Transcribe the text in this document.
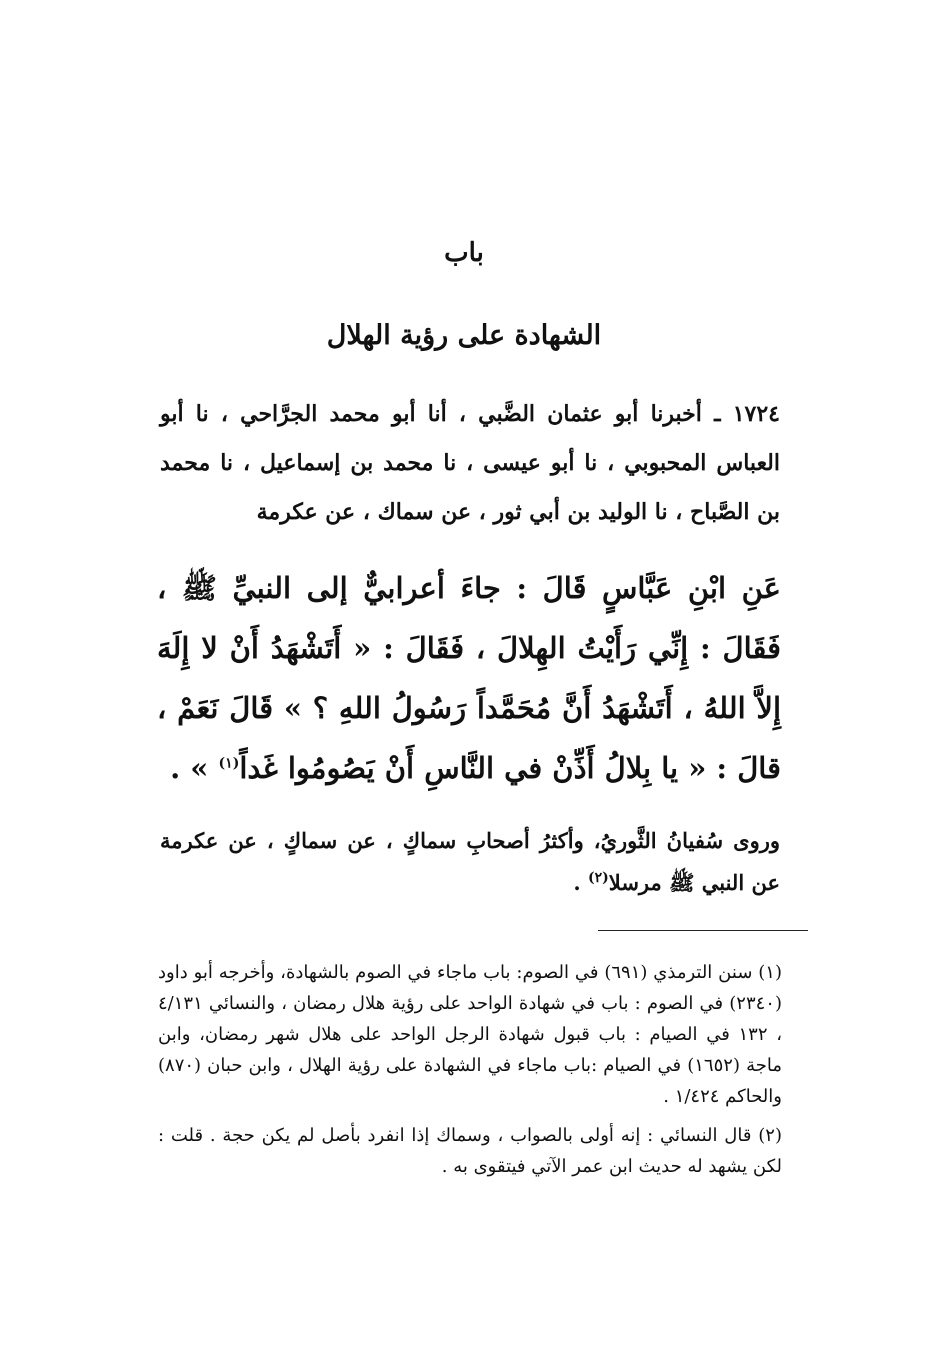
باب
الشهادة على رؤية الهلال
١٧٢٤ ـ أخبرنا أبو عثمان الضَّبي ، أنا أبو محمد الجرَّاحي ، نا أبو العباس المحبوبي ، نا أبو عيسى ، نا محمد بن إسماعيل ، نا محمد بن الصَّباح ، نا الوليد بن أبي ثور ، عن سماك ، عن عكرمة
عَنِ ابْنِ عَبَّاسٍ قَالَ : جاءَ أعرابيٌّ إلى النبيِّ ﷺ ، فَقَالَ : إِنِّي رَأَيْتُ الهِلالَ ، فَقَالَ : « أَتَشْهَدُ أَنْ لا إِلَهَ إِلاَّ اللهُ ، أَتَشْهَدُ أَنَّ مُحَمَّداً رَسُولُ اللهِ ؟ » قَالَ نَعَمْ ، قالَ : « يا بِلالُ أَذِّنْ في النَّاسِ أَنْ يَصُومُوا غَداً$^{(١)}$ » .
وروى سُفيانُ الثَّوريُ، وأكثرُ أصحابِ سماكٍ ، عن سماكٍ ، عن عكرمة عن النبي ﷺ مرسلا$^{(٢)}$ .

(١) سنن الترمذي (٦٩١) في الصوم: باب ماجاء في الصوم بالشهادة، وأخرجه أبو داود (٢٣٤٠) في الصوم : باب في شهادة الواحد على رؤية هلال رمضان ، والنسائي ٤/١٣١ ، ١٣٢ في الصيام : باب قبول شهادة الرجل الواحد على هلال شهر رمضان، وابن ماجة (١٦٥٢) في الصيام :باب ماجاء في الشهادة على رؤية الهلال ، وابن حبان (٨٧٠) والحاكم ١/٤٢٤ .

(٢) قال النسائي : إنه أولى بالصواب ، وسماك إذا انفرد بأصل لم يكن حجة . قلت : لكن يشهد له حديث ابن عمر الآتي فيتقوى به .
